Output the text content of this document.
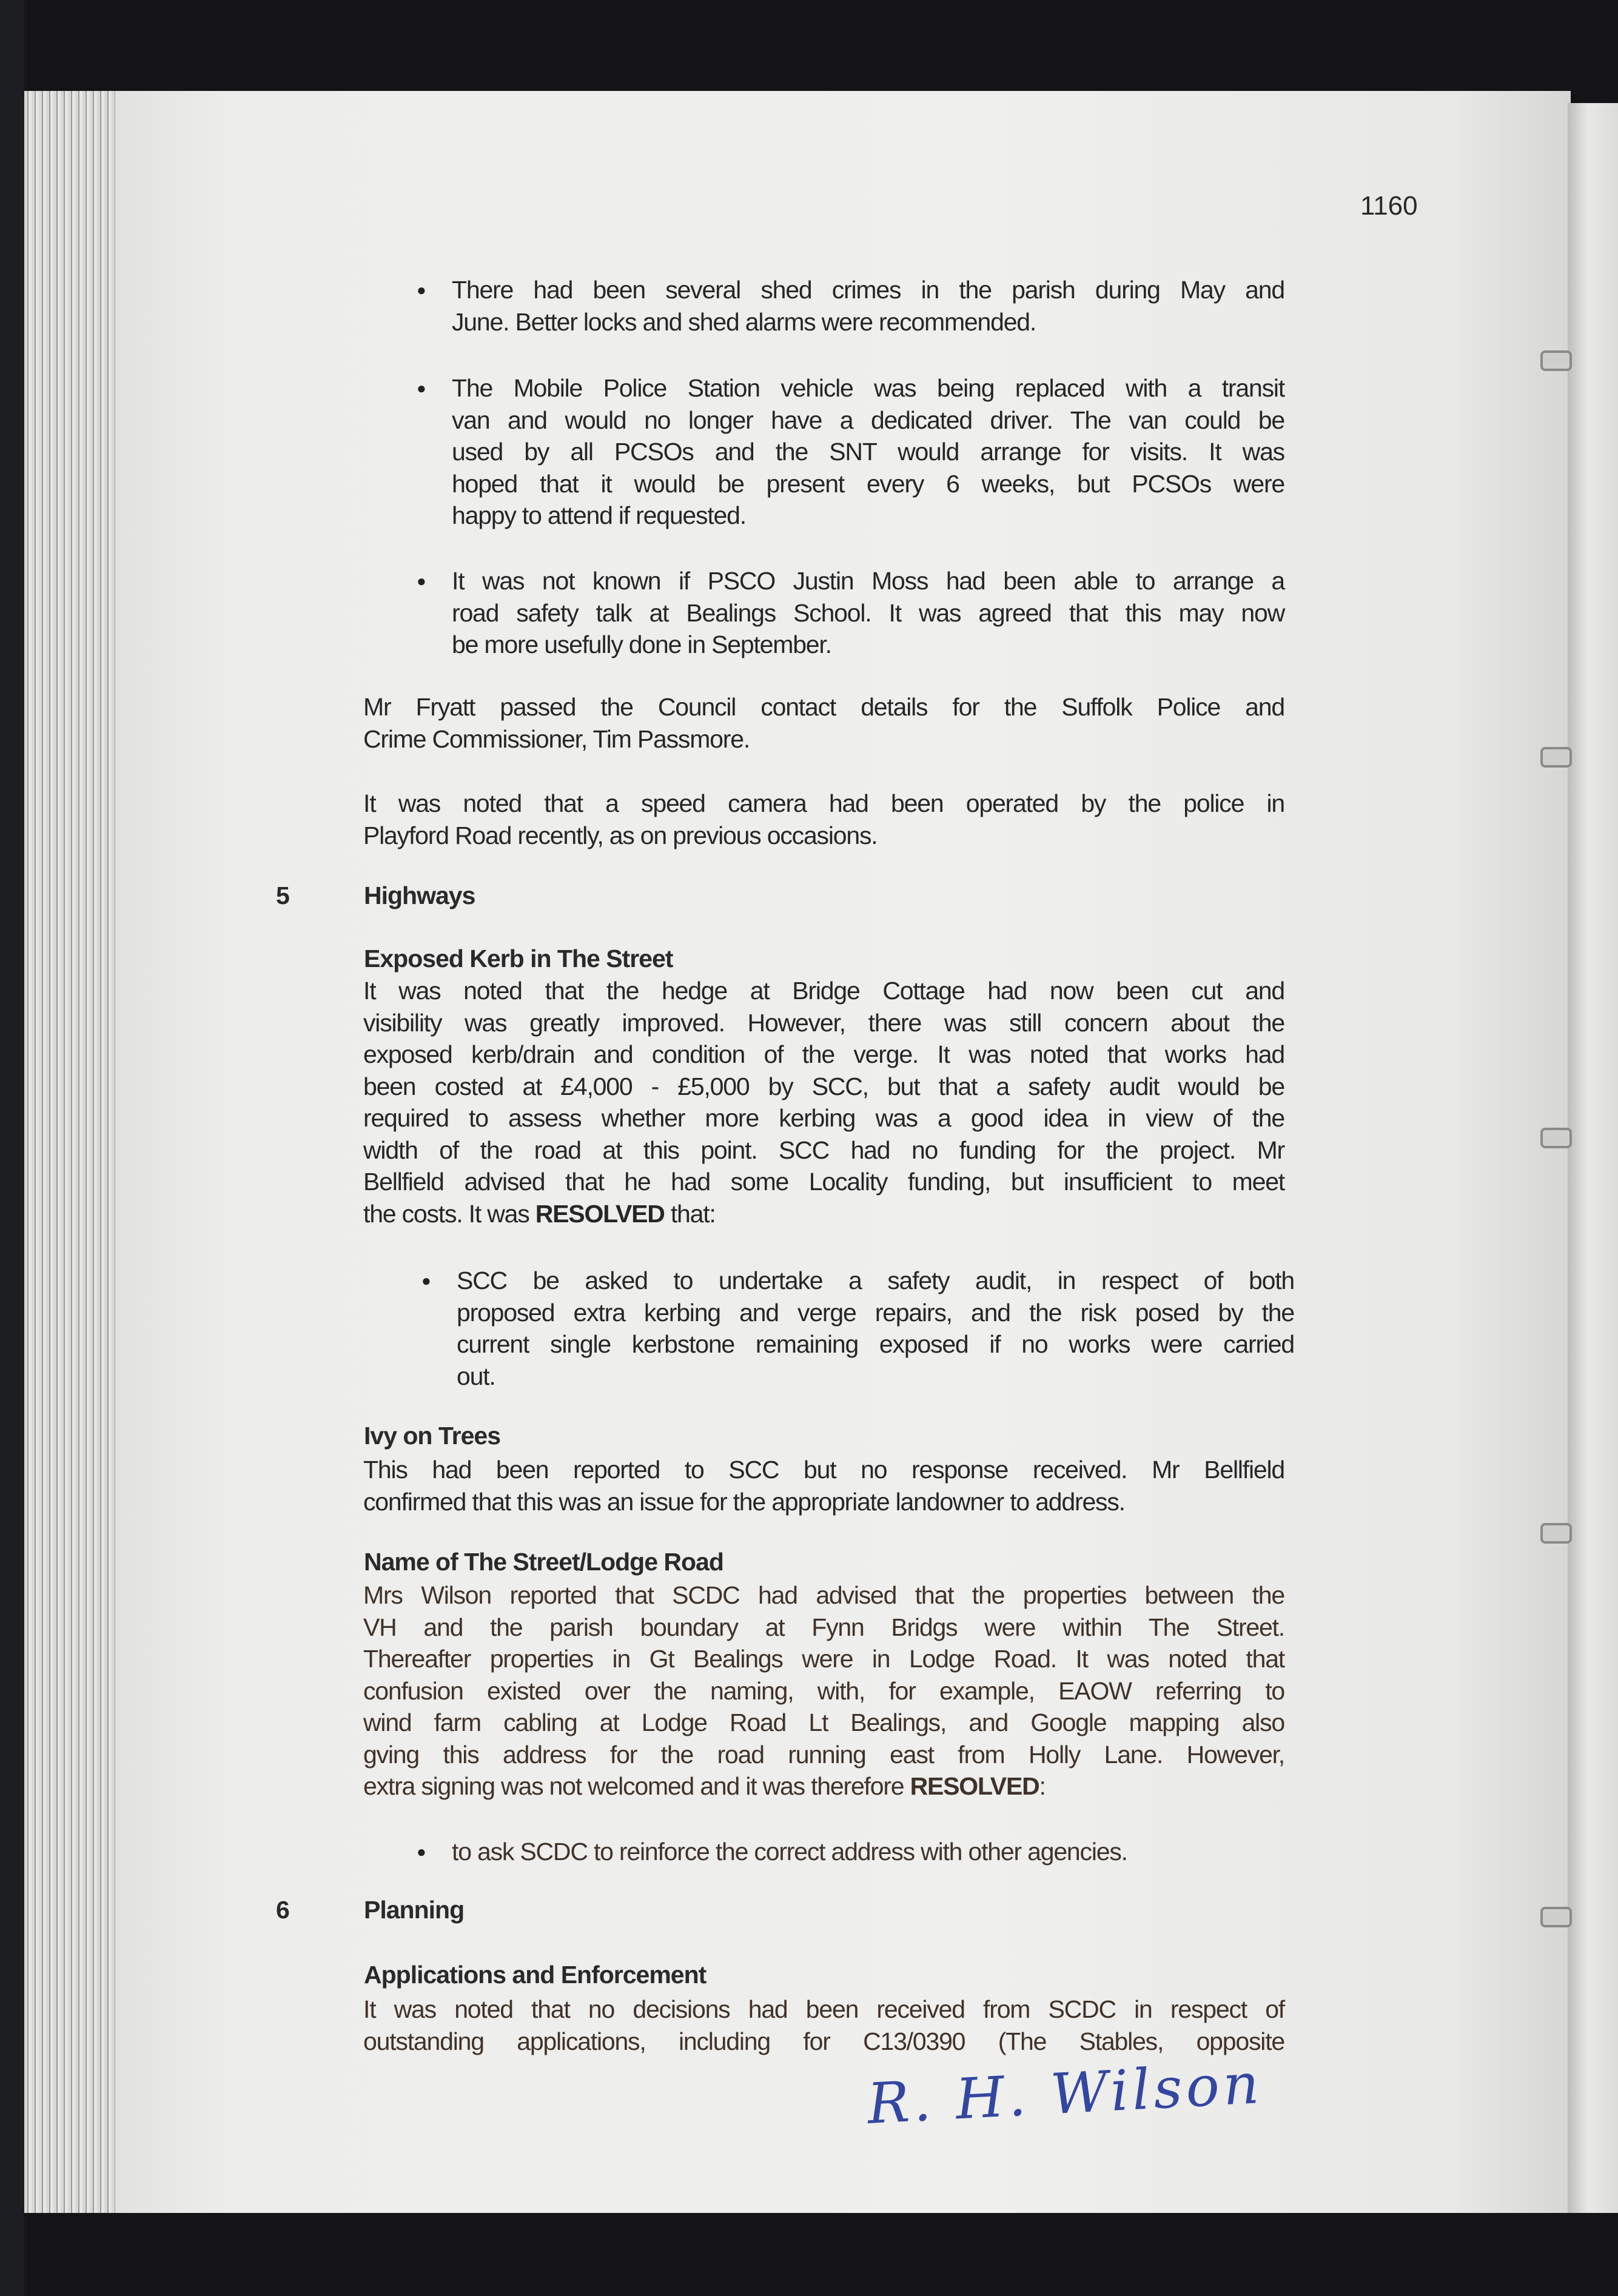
1160
● There had been several shed crimes in the parish during May and
June. Better locks and shed alarms were recommended.
● The Mobile Police Station vehicle was being replaced with a transit
van and would no longer have a dedicated driver. The van could be
used by all PCSOs and the SNT would arrange for visits. It was
hoped that it would be present every 6 weeks, but PCSOs were
happy to attend if requested.
● It was not known if PSCO Justin Moss had been able to arrange a
road safety talk at Bealings School. It was agreed that this may now
be more usefully done in September.
Mr Fryatt passed the Council contact details for the Suffolk Police and
Crime Commissioner, Tim Passmore.
It was noted that a speed camera had been operated by the police in
Playford Road recently, as on previous occasions.
5	Highways
Exposed Kerb in The Street
It was noted that the hedge at Bridge Cottage had now been cut and
visibility was greatly improved. However, there was still concern about the
exposed kerb/drain and condition of the verge. It was noted that works had
been costed at £4,000 - £5,000 by SCC, but that a safety audit would be
required to assess whether more kerbing was a good idea in view of the
width of the road at this point. SCC had no funding for the project. Mr
Bellfield advised that he had some Locality funding, but insufficient to meet
the costs. It was RESOLVED that:
● SCC be asked to undertake a safety audit, in respect of both
proposed extra kerbing and verge repairs, and the risk posed by the
current single kerbstone remaining exposed if no works were carried
out.
Ivy on Trees
This had been reported to SCC but no response received. Mr Bellfield
confirmed that this was an issue for the appropriate landowner to address.
Name of The Street/Lodge Road
Mrs Wilson reported that SCDC had advised that the properties between the
VH and the parish boundary at Fynn Bridgs were within The Street.
Thereafter properties in Gt Bealings were in Lodge Road. It was noted that
confusion existed over the naming, with, for example, EAOW referring to
wind farm cabling at Lodge Road Lt Bealings, and Google mapping also
gving this address for the road running east from Holly Lane. However,
extra signing was not welcomed and it was therefore RESOLVED:
● to ask SCDC to reinforce the correct address with other agencies.
6	Planning
Applications and Enforcement
It was noted that no decisions had been received from SCDC in respect of
outstanding applications, including for C13/0390 (The Stables, opposite
R. H. Wilson
